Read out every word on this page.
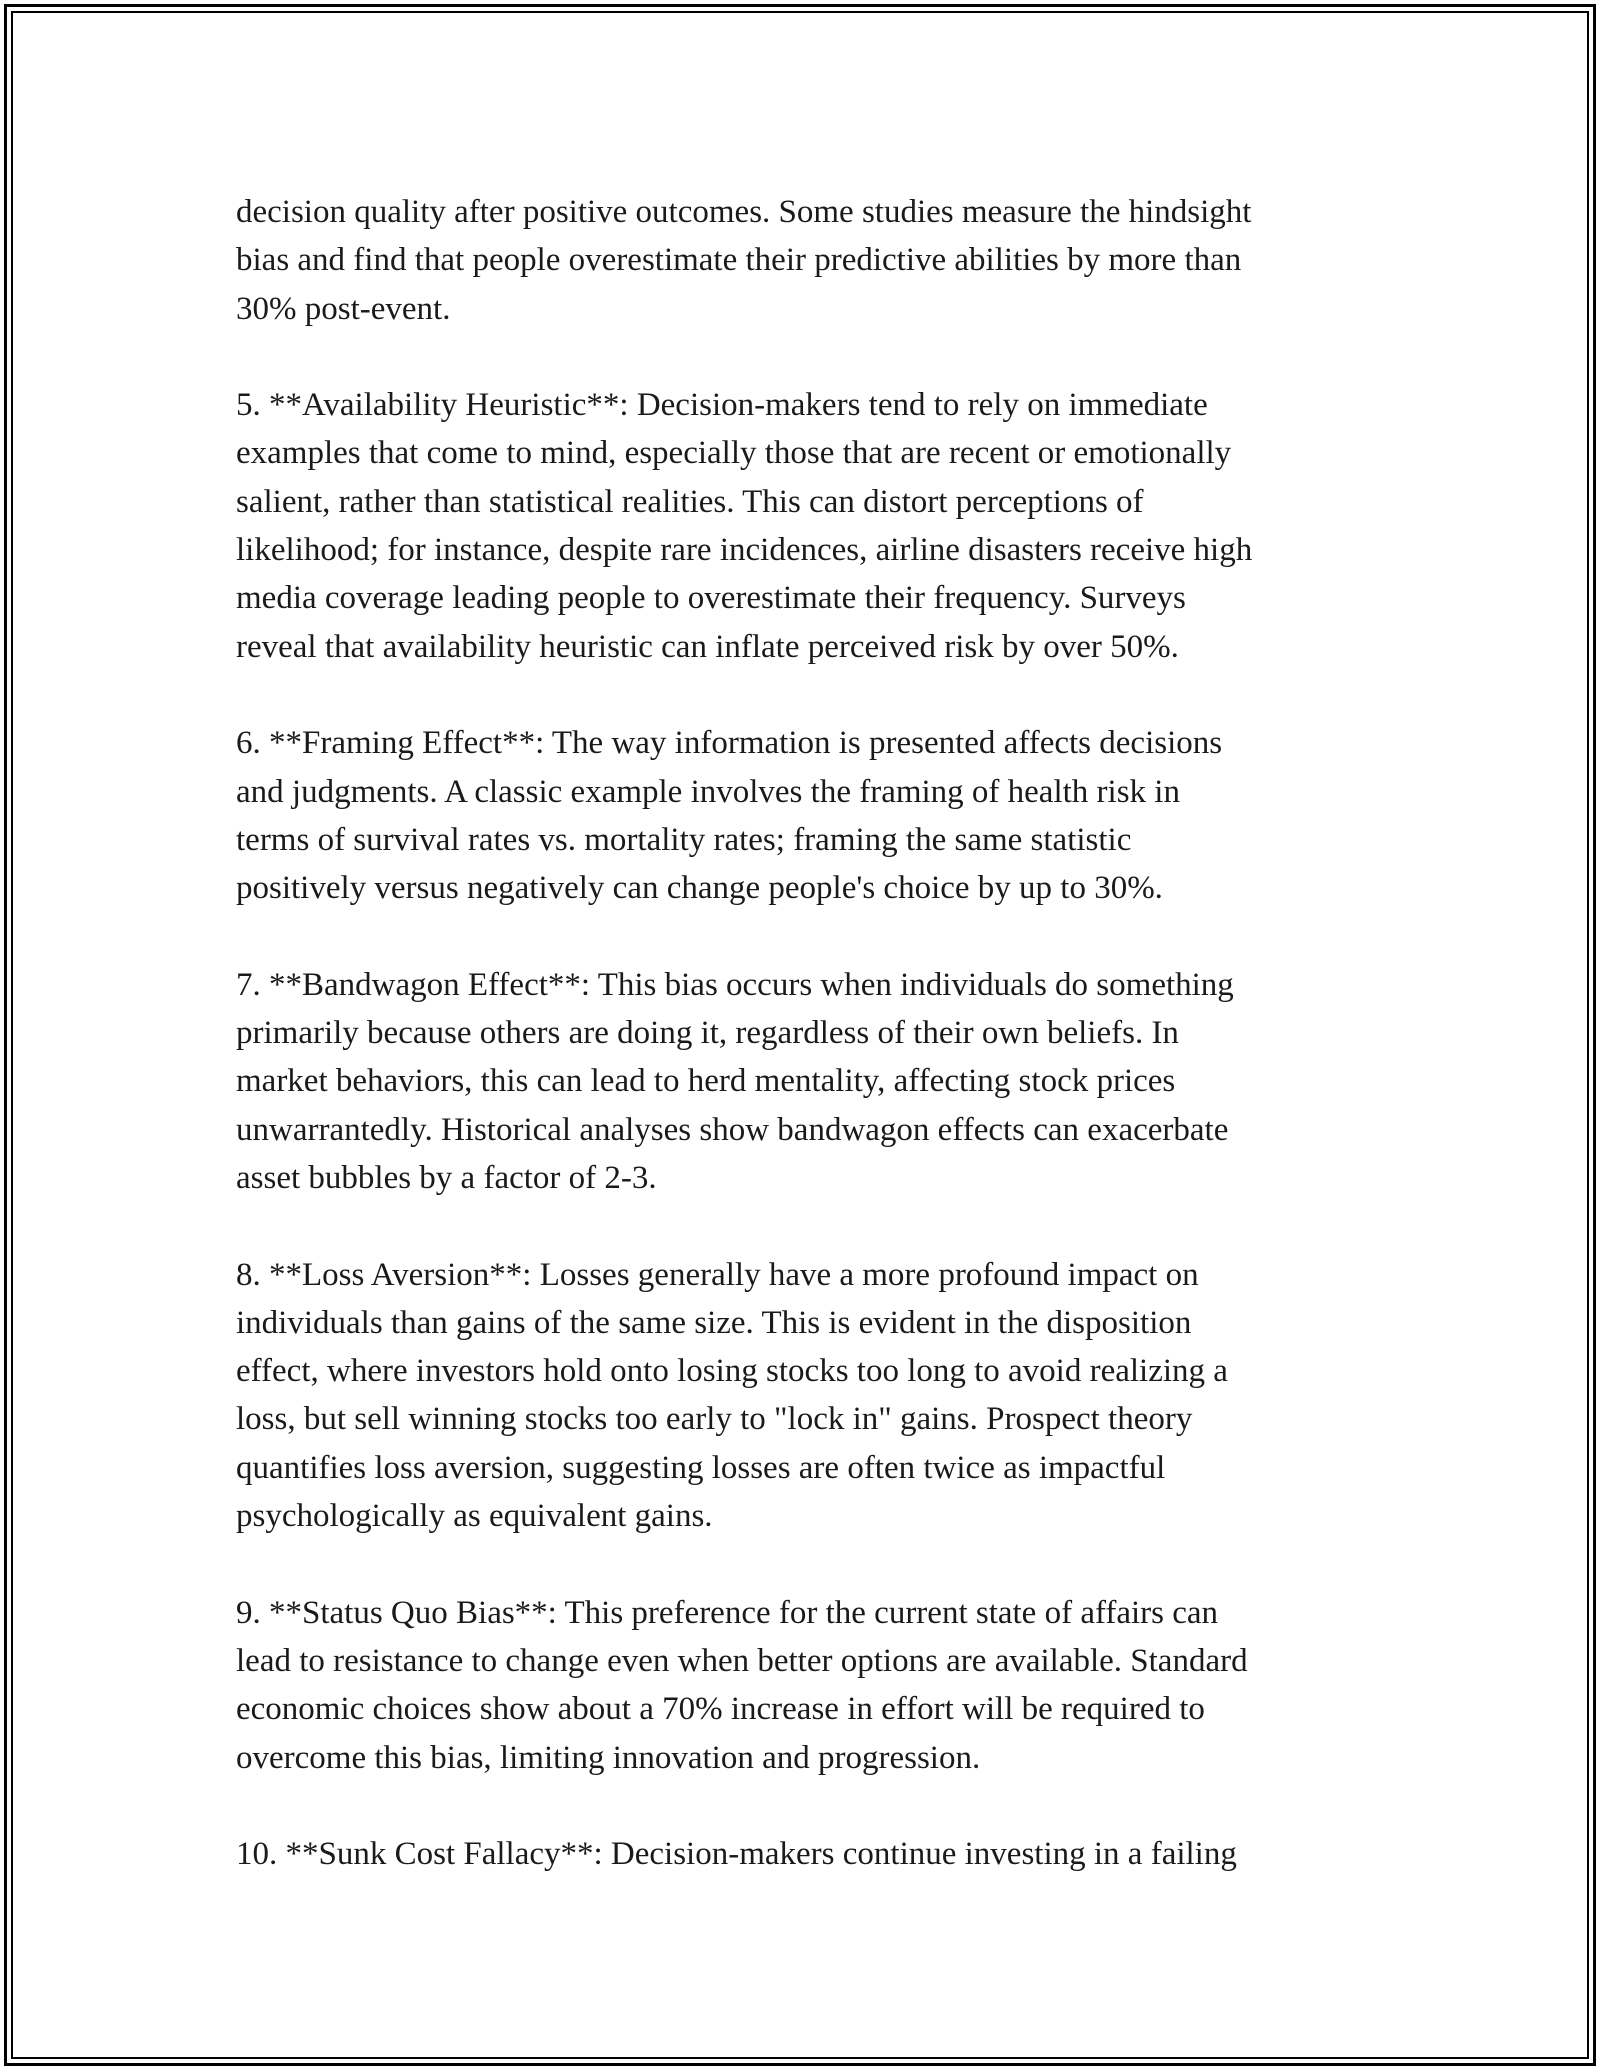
decision quality after positive outcomes. Some studies measure the hindsight
bias and find that people overestimate their predictive abilities by more than
30% post-event.

5. **Availability Heuristic**: Decision-makers tend to rely on immediate
examples that come to mind, especially those that are recent or emotionally
salient, rather than statistical realities. This can distort perceptions of
likelihood; for instance, despite rare incidences, airline disasters receive high
media coverage leading people to overestimate their frequency. Surveys
reveal that availability heuristic can inflate perceived risk by over 50%.

6. **Framing Effect**: The way information is presented affects decisions
and judgments. A classic example involves the framing of health risk in
terms of survival rates vs. mortality rates; framing the same statistic
positively versus negatively can change people's choice by up to 30%.

7. **Bandwagon Effect**: This bias occurs when individuals do something
primarily because others are doing it, regardless of their own beliefs. In
market behaviors, this can lead to herd mentality, affecting stock prices
unwarrantedly. Historical analyses show bandwagon effects can exacerbate
asset bubbles by a factor of 2-3.

8. **Loss Aversion**: Losses generally have a more profound impact on
individuals than gains of the same size. This is evident in the disposition
effect, where investors hold onto losing stocks too long to avoid realizing a
loss, but sell winning stocks too early to "lock in" gains. Prospect theory
quantifies loss aversion, suggesting losses are often twice as impactful
psychologically as equivalent gains.

9. **Status Quo Bias**: This preference for the current state of affairs can
lead to resistance to change even when better options are available. Standard
economic choices show about a 70% increase in effort will be required to
overcome this bias, limiting innovation and progression.

10. **Sunk Cost Fallacy**: Decision-makers continue investing in a failing
